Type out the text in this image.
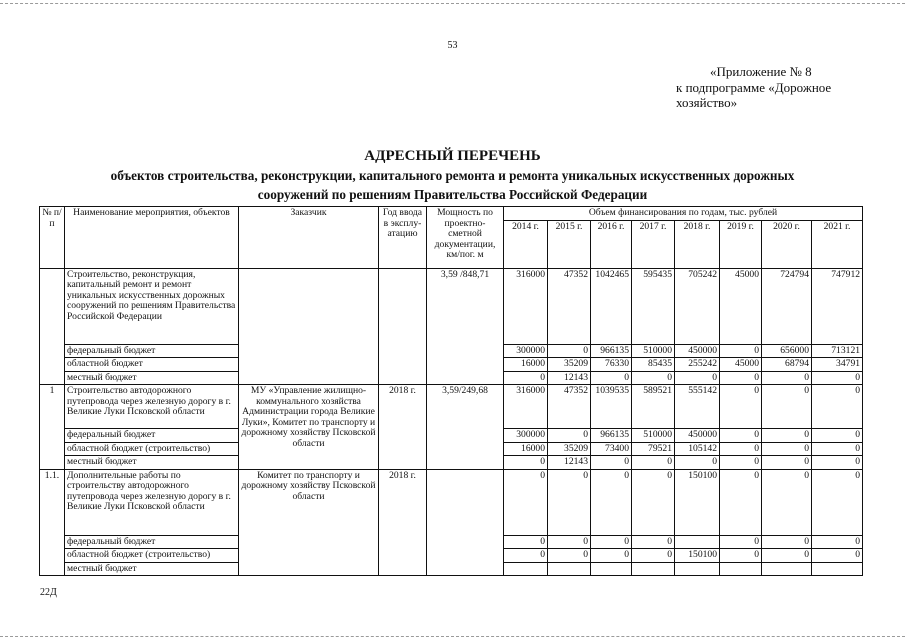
53
«Приложение № 8
к подпрограмме «Дорожное
хозяйство»
АДРЕСНЫЙ ПЕРЕЧЕНЬ
объектов строительства, реконструкции, капитального ремонта и ремонта уникальных искусственных дорожных
сооружений по решениям Правительства Российской Федерации
№ п/п	Наименование мероприятия, объектов	Заказчик	Год ввода в эксплу-атацию	Мощность по проектно-сметной документации, км/пог. м	Объем финансирования по годам, тыс. рублей							
					2014 г.	2015 г.	2016 г.	2017 г.	2018 г.	2019 г.	2020 г.	2021 г.
	Строительство, реконструкция, капитальный ремонт и ремонт уникальных искусственных дорожных сооружений по решениям Правительства Российской Федерации			3,59 /848,71	316000	47352	1042465	595435	705242	45000	724794	747912
	федеральный бюджет				300000	0	966135	510000	450000	0	656000	713121
	областной бюджет				16000	35209	76330	85435	255242	45000	68794	34791
	местный бюджет				0	12143	0	0	0	0	0	0
1	Строительство автодорожного путепровода через железную дорогу в г. Великие Луки Псковской области	МУ «Управление жилищно-коммунального хозяйства Администрации города Великие Луки», Комитет по транспорту и дорожному хозяйству Псковской области	2018 г.	3,59/249,68	316000	47352	1039535	589521	555142	0	0	0
	федеральный бюджет				300000	0	966135	510000	450000	0	0	0
	областной бюджет (строительство)				16000	35209	73400	79521	105142	0	0	0
	местный бюджет				0	12143	0	0	0	0	0	0
1.1.	Дополнительные работы по строительству автодорожного путепровода через железную дорогу в г. Великие Луки Псковской области	Комитет по транспорту и дорожному хозяйству Псковской области	2018 г.		0	0	0	0	150100	0	0	0
	федеральный бюджет				0	0	0	0		0	0	0
	областной бюджет (строительство)				0	0	0	0	150100	0	0	0
	местный бюджет											
22Д
